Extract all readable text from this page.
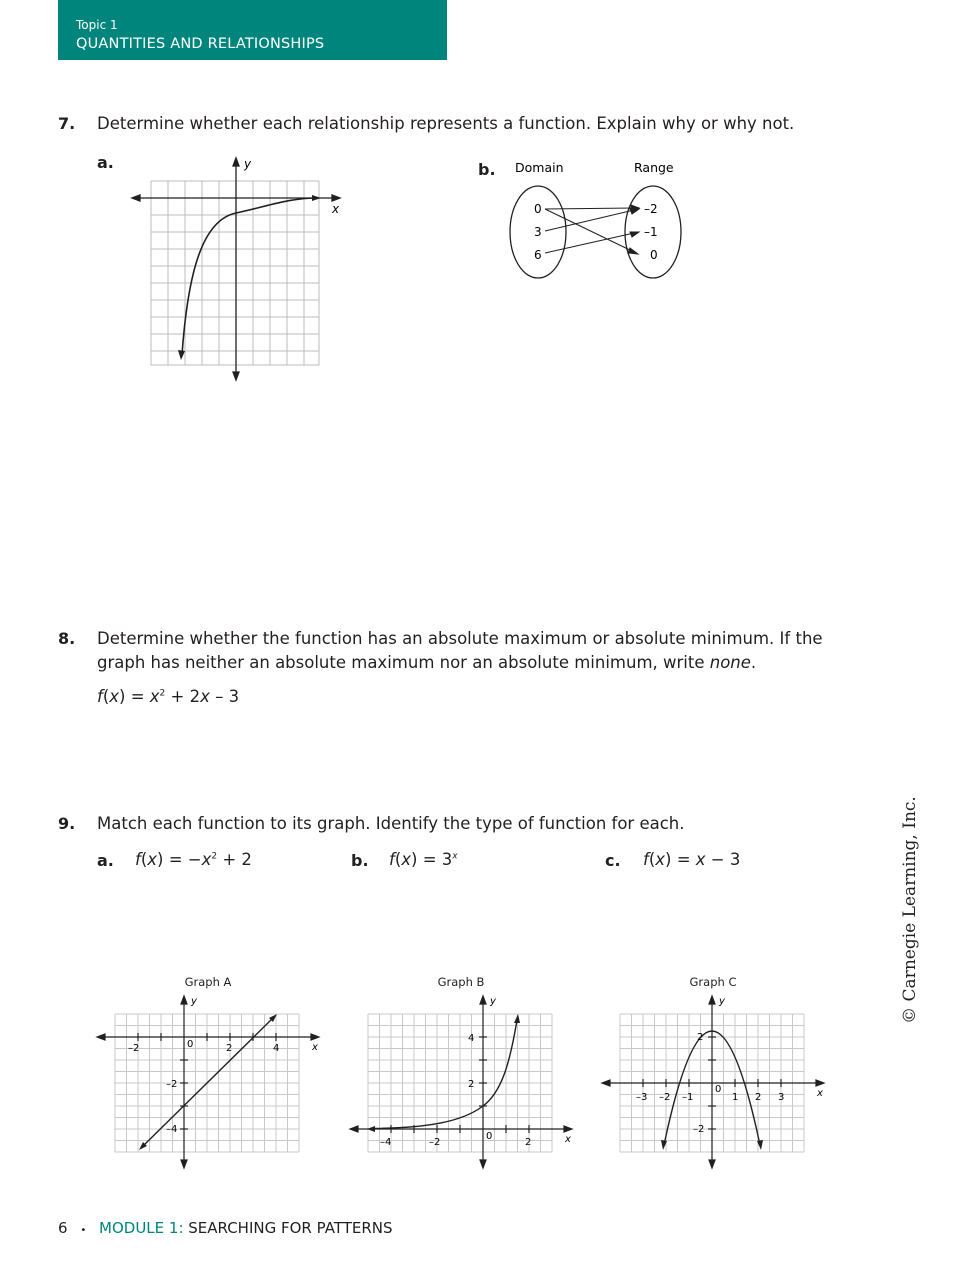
Topic 1
QUANTITIES AND RELATIONSHIPS
7. Determine whether each relationship represents a function. Explain why or why not.
a.	b.
y
x
Domain	Range
0
3
6
–2
–1
0
8. Determine whether the function has an absolute maximum or absolute minimum. If the
graph has neither an absolute maximum nor an absolute minimum, write none.
$f(x) = x^2 + 2x - 3$
9. Match each function to its graph. Identify the type of function for each.
a. $f(x) = -x^2 + 2$	b. $f(x) = 3^x$	c. f(x) = x − 3
Graph A	Graph B	Graph C
–2	0	2	4
–2
–4
x
y
4
2
–4	–2
0
2	x
y
2
–3 –2 –1
0
1 2 3
–2
x
y
6 • MODULE 1: SEARCHING FOR PATTERNS
© Carnegie Learning, Inc.
